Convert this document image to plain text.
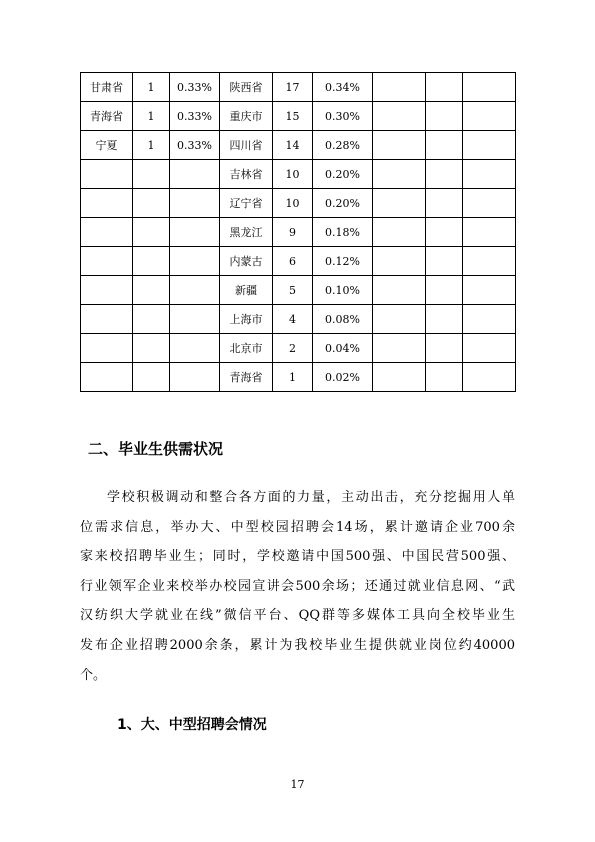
甘肃省	1	0.33%	陕西省	17	0.34%			
青海省	1	0.33%	重庆市	15	0.30%			
宁夏	1	0.33%	四川省	14	0.28%			
			吉林省	10	0.20%			
			辽宁省	10	0.20%			
			黑龙江	9	0.18%			
			内蒙古	6	0.12%			
			新疆	5	0.10%			
			上海市	4	0.08%			
			北京市	2	0.04%			
			青海省	1	0.02%			
二、毕业生供需状况
学校积极调动和整合各方面的力量，主动出击，充分挖掘用人单
位需求信息，举办大、中型校园招聘会14场，累计邀请企业700余
家来校招聘毕业生；同时，学校邀请中国500强、中国民营500强、
行业领军企业来校举办校园宣讲会500余场；还通过就业信息网、“武
汉纺织大学就业在线”微信平台、QQ群等多媒体工具向全校毕业生
发布企业招聘2000余条，累计为我校毕业生提供就业岗位约40000
个。
1、大、中型招聘会情况
17
